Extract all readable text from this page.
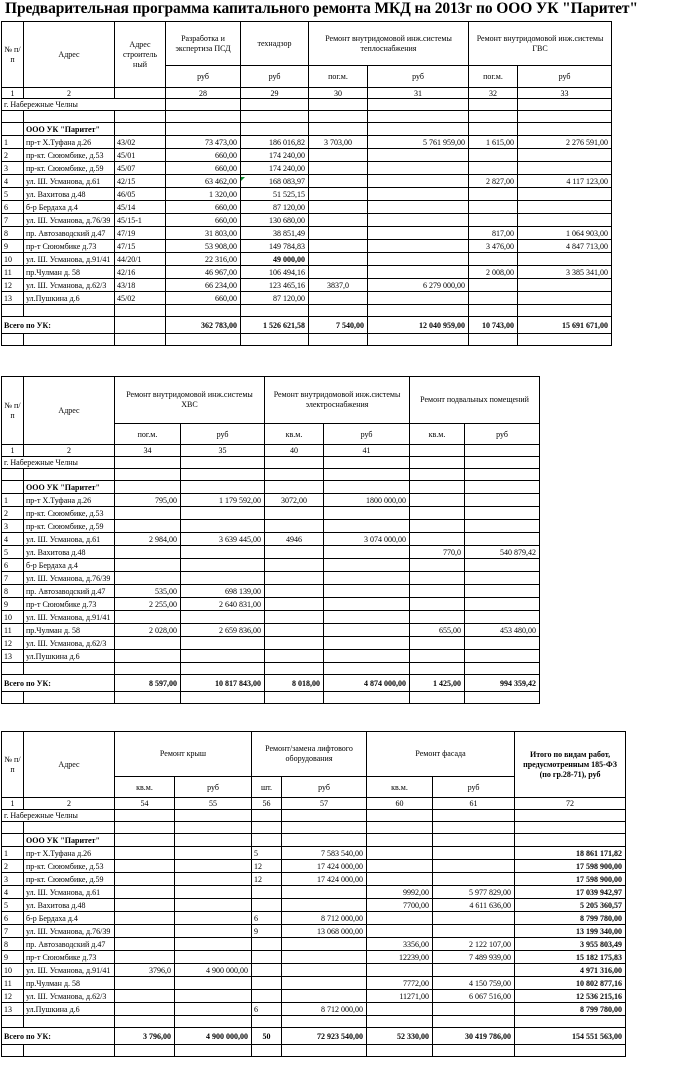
Предварительная программа капитального ремонта МКД на 2013г по ООО УК "Паритет"
№ п/п	Адрес	Адрес строитель ный	Разработка и экспертиза ПСД	технадзор	Ремонт внутридомовой инж.системы теплоснабжения		Ремонт внутридомовой инж.системы ГВС	
			руб	руб	пог.м.	руб	пог.м.	руб
1	2		28	29	30	31	32	33
г. Набережные Челны								

	ООО УК "Паритет"							
1	пр-т Х.Туфана д.26	43/02	73 473,00	186 016,82	3 703,00	5 761 959,00	1 615,00	2 276 591,00
2	пр-кт. Сююмбике, д.53	45/01	660,00	174 240,00				
3	пр-кт. Сююмбике, д.59	45/07	660,00	174 240,00				
4	ул. Ш. Усманова, д.61	42/15	63 462,00	168 083,97			2 827,00	4 117 123,00
5	ул. Вахитова д.48	46/05	1 320,00	51 525,15				
6	б-р Бердаха д.4	45/14	660,00	87 120,00				
7	ул. Ш. Усманова, д.76/39	45/15-1	660,00	130 680,00				
8	пр. Автозаводский д.47	47/19	31 803,00	38 851,49			817,00	1 064 903,00
9	пр-т Сююмбике д.73	47/15	53 908,00	149 784,83			3 476,00	4 847 713,00
10	ул. Ш. Усманова, д.91/41	44/20/1	22 316,00	49 000,00				
11	пр.Чулман д. 58	42/16	46 967,00	106 494,16			2 008,00	3 385 341,00
12	ул. Ш. Усманова, д.62/3	43/18	66 234,00	123 465,16	3837,0	6 279 000,00		
13	ул.Пушкина д.6	45/02	660,00	87 120,00				

Всего по УК:			362 783,00	1 526 621,58	7 540,00	12 040 959,00	10 743,00	15 691 671,00

№ п/п	Адрес	Ремонт внутридомовой инж.системы ХВС		Ремонт внутридомовой инж.системы электроснабжения		Ремонт подвальных помещений	
		пог.м.	руб	кв.м.	руб	кв.м.	руб
1	2	34	35	40	41		
г. Набережные Челны							

	ООО УК "Паритет"						
1	пр-т Х.Туфана д.26	795,00	1 179 592,00	3072,00	1800 000,00		
2	пр-кт. Сююмбике, д.53						
3	пр-кт. Сююмбике, д.59						
4	ул. Ш. Усманова, д.61	2 984,00	3 639 445,00	4946	3 074 000,00		
5	ул. Вахитова д.48					770,0	540 879,42
6	б-р Бердаха д.4						
7	ул. Ш. Усманова, д.76/39						
8	пр. Автозаводский д.47	535,00	698 139,00				
9	пр-т Сююмбике д.73	2 255,00	2 640 831,00				
10	ул. Ш. Усманова, д.91/41						
11	пр.Чулман д. 58	2 028,00	2 659 836,00			655,00	453 480,00
12	ул. Ш. Усманова, д.62/3						
13	ул.Пушкина д.6						

Всего по УК:		8 597,00	10 817 843,00	8 018,00	4 874 000,00	1 425,00	994 359,42

№ п/п	Адрес	Ремонт крыш		Ремонт/замена лифтового оборудования		Ремонт фасада		Итого по видам работ, предусмотренным 185-ФЗ (по гр.28-71), руб
		кв.м.	руб	шт.	руб	кв.м.	руб	
1	2	54	55	56	57	60	61	72
г. Набережные Челны								

	ООО УК "Паритет"							
1	пр-т Х.Туфана д.26			5	7 583 540,00			18 861 171,82
2	пр-кт. Сююмбике, д.53			12	17 424 000,00			17 598 900,00
3	пр-кт. Сююмбике, д.59			12	17 424 000,00			17 598 900,00
4	ул. Ш. Усманова, д.61					9992,00	5 977 829,00	17 039 942,97
5	ул. Вахитова д.48					7700,00	4 611 636,00	5 205 360,57
6	б-р Бердаха д.4			6	8 712 000,00			8 799 780,00
7	ул. Ш. Усманова, д.76/39			9	13 068 000,00			13 199 340,00
8	пр. Автозаводский д.47					3356,00	2 122 107,00	3 955 803,49
9	пр-т Сююмбике д.73					12239,00	7 489 939,00	15 182 175,83
10	ул. Ш. Усманова, д.91/41	3796,0	4 900 000,00					4 971 316,00
11	пр.Чулман д. 58					7772,00	4 150 759,00	10 802 877,16
12	ул. Ш. Усманова, д.62/3					11271,00	6 067 516,00	12 536 215,16
13	ул.Пушкина д.6			6	8 712 000,00			8 799 780,00

Всего по УК:		3 796,00	4 900 000,00	50	72 923 540,00	52 330,00	30 419 786,00	154 551 563,00
